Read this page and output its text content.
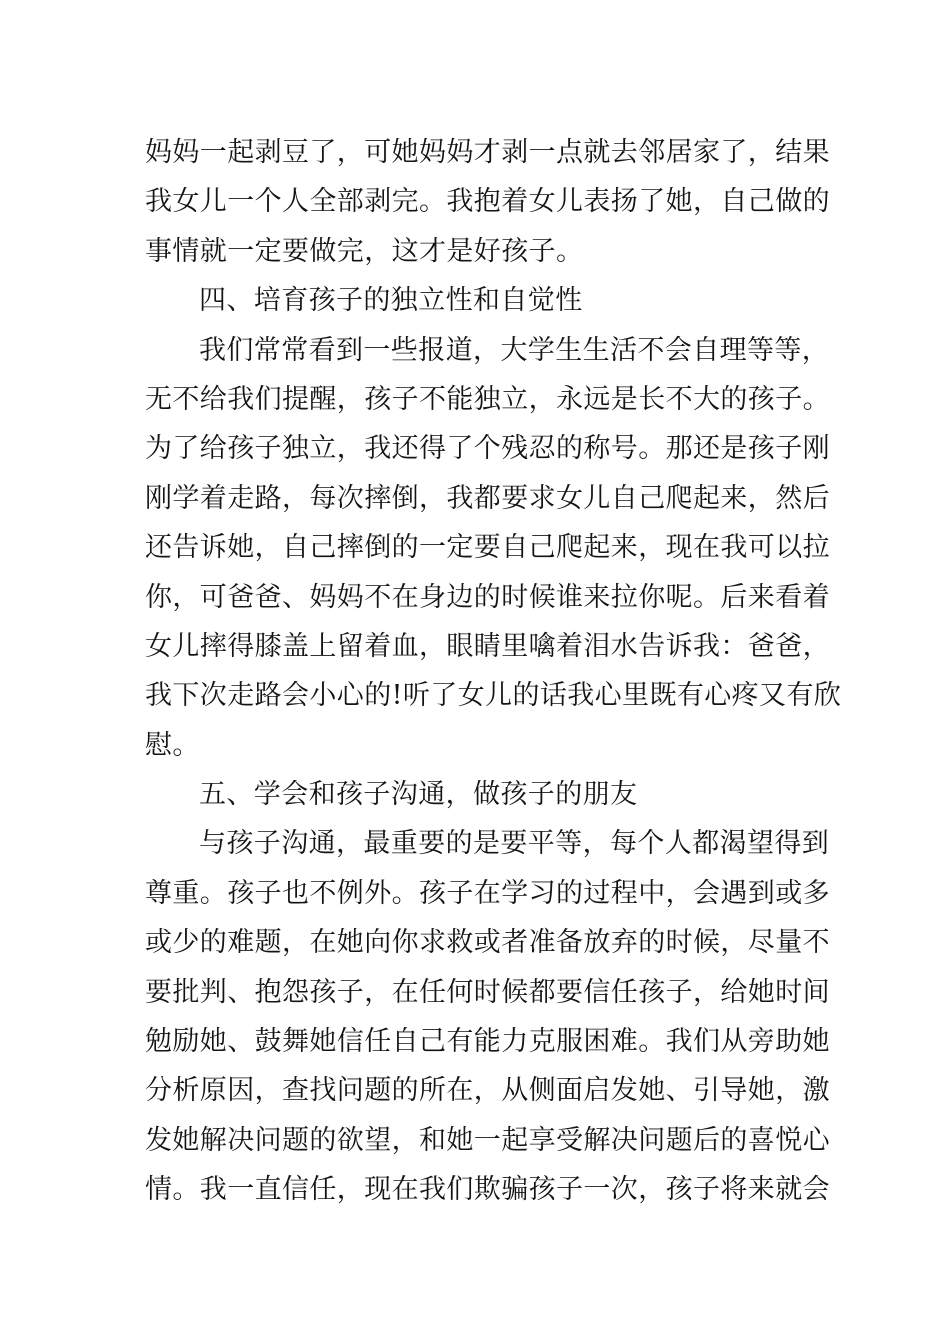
妈妈一起剥豆了，可她妈妈才剥一点就去邻居家了，结果
我女儿一个人全部剥完。我抱着女儿表扬了她，自己做的
事情就一定要做完，这才是好孩子。
四、培育孩子的独立性和自觉性
我们常常看到一些报道，大学生生活不会自理等等，
无不给我们提醒，孩子不能独立，永远是长不大的孩子。
为了给孩子独立，我还得了个残忍的称号。那还是孩子刚
刚学着走路，每次摔倒，我都要求女儿自己爬起来，然后
还告诉她，自己摔倒的一定要自己爬起来，现在我可以拉
你，可爸爸、妈妈不在身边的时候谁来拉你呢。后来看着
女儿摔得膝盖上留着血，眼睛里噙着泪水告诉我：爸爸，
我下次走路会小心的!听了女儿的话我心里既有心疼又有欣
慰。
五、学会和孩子沟通，做孩子的朋友
与孩子沟通，最重要的是要平等，每个人都渴望得到
尊重。孩子也不例外。孩子在学习的过程中，会遇到或多
或少的难题，在她向你求救或者准备放弃的时候，尽量不
要批判、抱怨孩子，在任何时候都要信任孩子，给她时间
勉励她、鼓舞她信任自己有能力克服困难。我们从旁助她
分析原因，查找问题的所在，从侧面启发她、引导她，激
发她解决问题的欲望，和她一起享受解决问题后的喜悦心
情。我一直信任，现在我们欺骗孩子一次，孩子将来就会
